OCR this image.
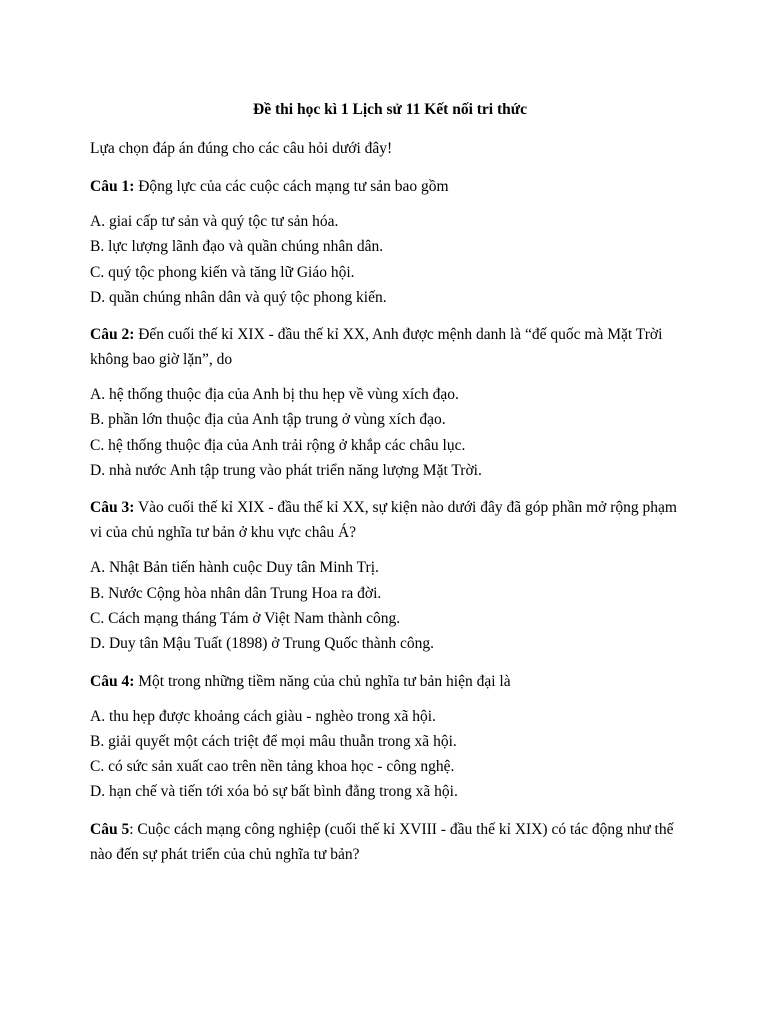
Đề thi học kì 1 Lịch sử 11 Kết nối tri thức

Lựa chọn đáp án đúng cho các câu hỏi dưới đây!

Câu 1: Động lực của các cuộc cách mạng tư sản bao gồm

A. giai cấp tư sản và quý tộc tư sản hóa.

B. lực lượng lãnh đạo và quần chúng nhân dân.

C. quý tộc phong kiến và tăng lữ Giáo hội.

D. quần chúng nhân dân và quý tộc phong kiến.

Câu 2: Đến cuối thế kỉ XIX - đầu thế kỉ XX, Anh được mệnh danh là “đế quốc mà Mặt Trời không bao giờ lặn”, do

A. hệ thống thuộc địa của Anh bị thu hẹp về vùng xích đạo.

B. phần lớn thuộc địa của Anh tập trung ở vùng xích đạo.

C. hệ thống thuộc địa của Anh trải rộng ở khắp các châu lục.

D. nhà nước Anh tập trung vào phát triển năng lượng Mặt Trời.

Câu 3: Vào cuối thế kỉ XIX - đầu thế kỉ XX, sự kiện nào dưới đây đã góp phần mở rộng phạm vi của chủ nghĩa tư bản ở khu vực châu Á?

A. Nhật Bản tiến hành cuộc Duy tân Minh Trị.

B. Nước Cộng hòa nhân dân Trung Hoa ra đời.

C. Cách mạng tháng Tám ở Việt Nam thành công.

D. Duy tân Mậu Tuất (1898) ở Trung Quốc thành công.

Câu 4: Một trong những tiềm năng của chủ nghĩa tư bản hiện đại là

A. thu hẹp được khoảng cách giàu - nghèo trong xã hội.

B. giải quyết một cách triệt để mọi mâu thuẫn trong xã hội.

C. có sức sản xuất cao trên nền tảng khoa học - công nghệ.

D. hạn chế và tiến tới xóa bỏ sự bất bình đẳng trong xã hội.

Câu 5: Cuộc cách mạng công nghiệp (cuối thế kỉ XVIII - đầu thế kỉ XIX) có tác động như thế nào đến sự phát triển của chủ nghĩa tư bản?
